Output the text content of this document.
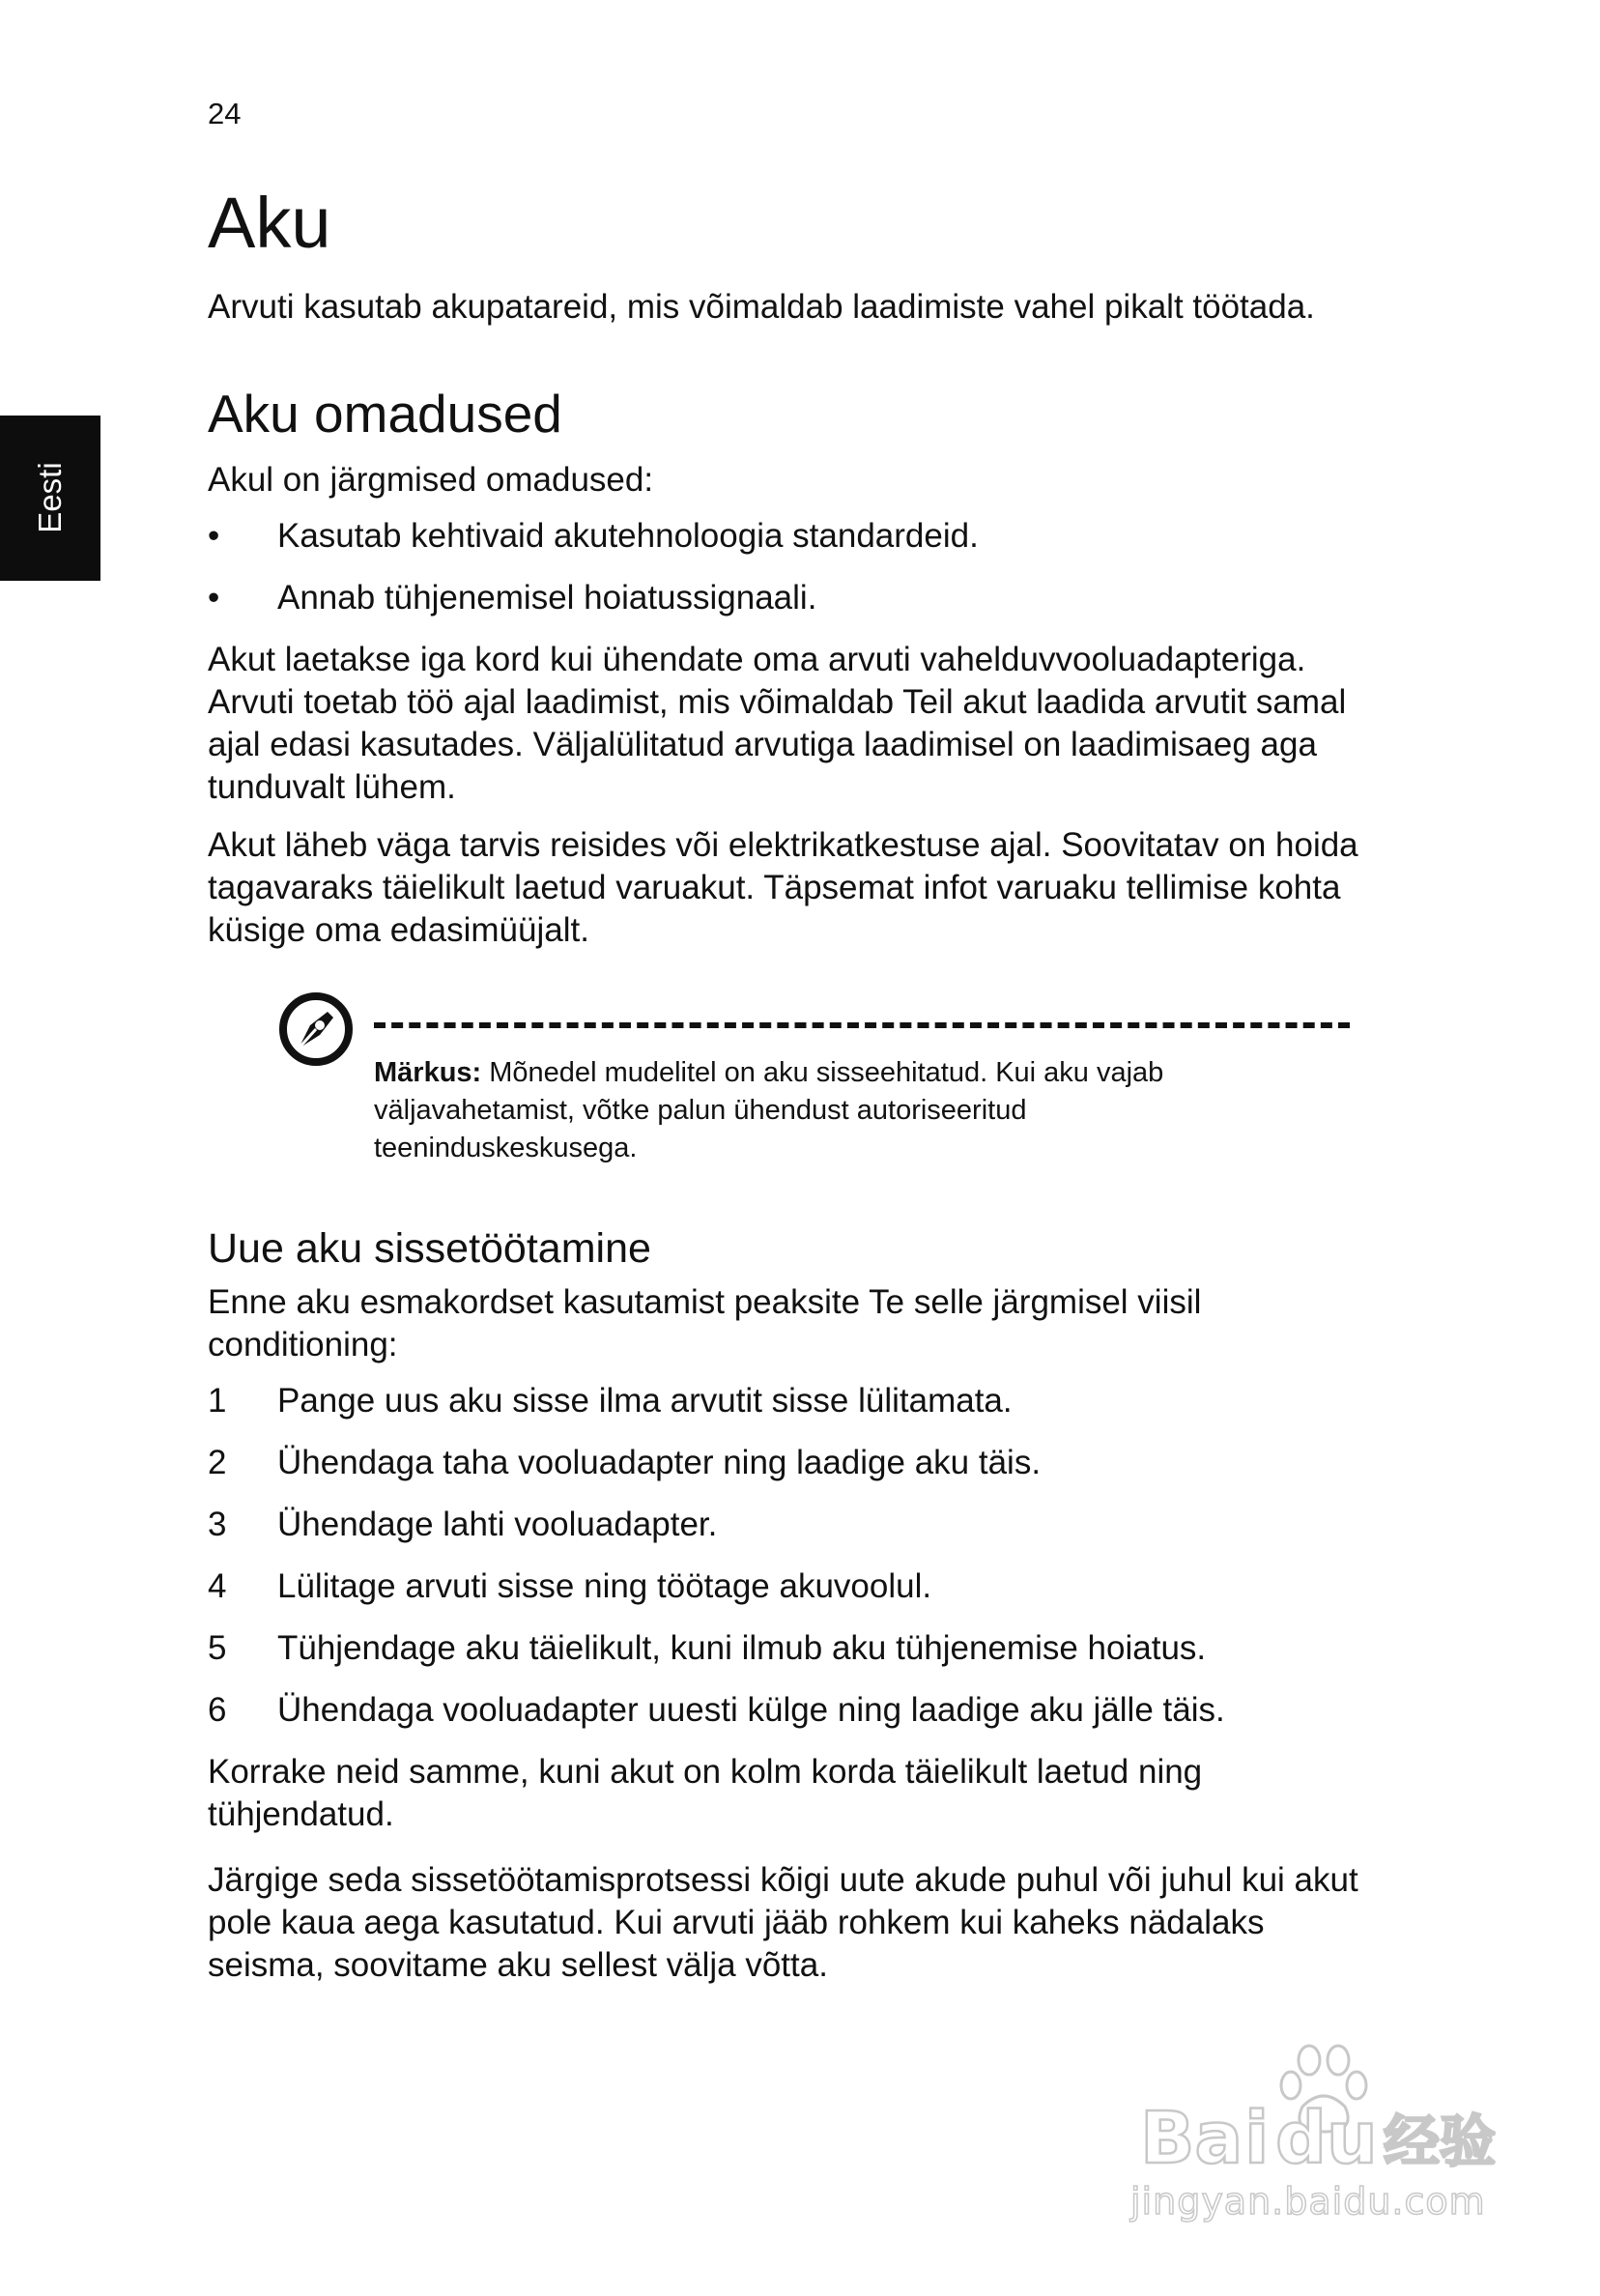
24
Eesti
Aku

Arvuti kasutab akupatareid, mis võimaldab laadimiste vahel pikalt töötada.

Aku omadused

Akul on järgmised omadused:

•	Kasutab kehtivaid akutehnoloogia standardeid.
•	Annab tühjenemisel hoiatussignaali.

Akut laetakse iga kord kui ühendate oma arvuti vahelduvvooluadapteriga. Arvuti toetab töö ajal laadimist, mis võimaldab Teil akut laadida arvutit samal ajal edasi kasutades. Väljalülitatud arvutiga laadimisel on laadimisaeg aga tunduvalt lühem.

Akut läheb väga tarvis reisides või elektrikatkestuse ajal. Soovitatav on hoida tagavaraks täielikult laetud varuakut. Täpsemat infot varuaku tellimise kohta küsige oma edasimüüjalt.

Märkus: Mõnedel mudelitel on aku sisseehitatud. Kui aku vajab väljavahetamist, võtke palun ühendust autoriseeritud teeninduskeskusega.
Uue aku sissetöötamine

Enne aku esmakordset kasutamist peaksite Te selle järgmisel viisil conditioning:

1	Pange uus aku sisse ilma arvutit sisse lülitamata.
2	Ühendaga taha vooluadapter ning laadige aku täis.
3	Ühendage lahti vooluadapter.
4	Lülitage arvuti sisse ning töötage akuvoolul.
5	Tühjendage aku täielikult, kuni ilmub aku tühjenemise hoiatus.
6	Ühendaga vooluadapter uuesti külge ning laadige aku jälle täis.

Korrake neid samme, kuni akut on kolm korda täielikult laetud ning tühjendatud.

Järgige seda sissetöötamisprotsessi kõigi uute akude puhul või juhul kui akut pole kaua aega kasutatud. Kui arvuti jääb rohkem kui kaheks nädalaks seisma, soovitame aku sellest välja võtta.

Ba i du 经验
jingyan.baidu.com
